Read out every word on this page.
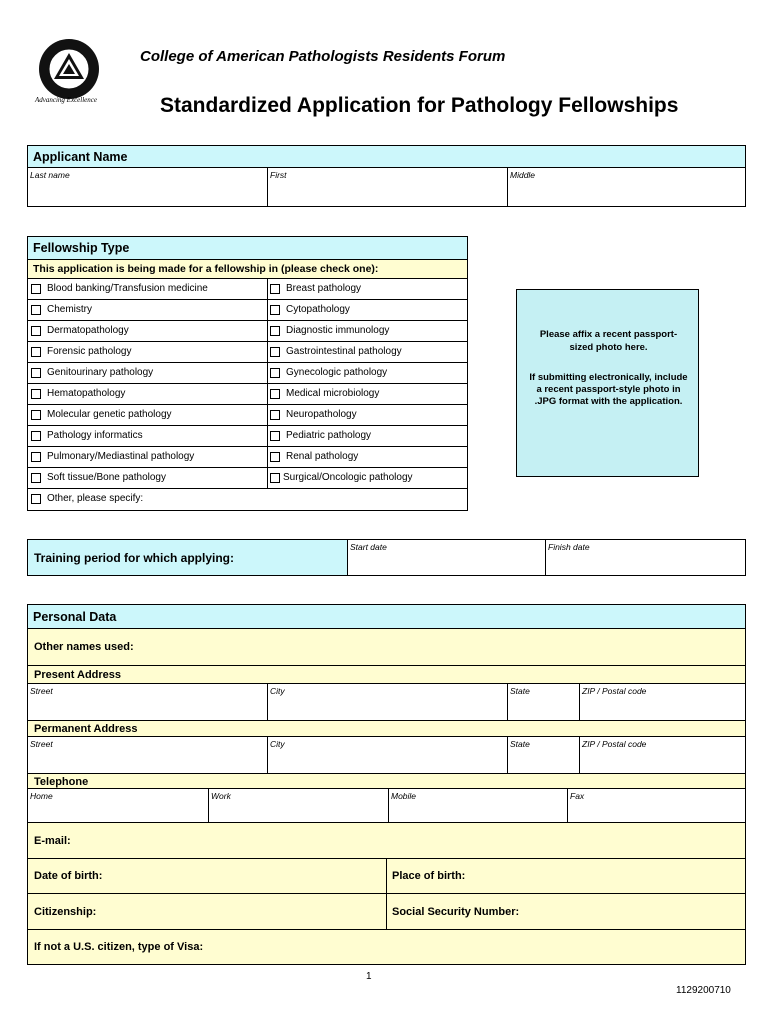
Advancing Excellence
College of American Pathologists Residents Forum
Standardized Application for Pathology Fellowships
Applicant Name
Last name	First	Middle
Fellowship Type
This application is being made for a fellowship in (please check one):
Blood banking/Transfusion medicine	Breast pathology
Chemistry	Cytopathology
Dermatopathology	Diagnostic immunology
Forensic pathology	Gastrointestinal pathology
Genitourinary pathology	Gynecologic pathology
Hematopathology	Medical microbiology
Molecular genetic pathology	Neuropathology
Pathology informatics	Pediatric pathology
Pulmonary/Mediastinal pathology	Renal pathology
Soft tissue/Bone pathology	Surgical/Oncologic pathology
Other, please specify:
Please affix a recent passport-sized photo here.
If submitting electronically, include a recent passport-style photo in .JPG format with the application.
Training period for which applying:
Start date	Finish date
Personal Data
Other names used:
Present Address
Street	City	State	ZIP / Postal code
Permanent Address
Street	City	State	ZIP / Postal code
Telephone
Home	Work	Mobile	Fax
E-mail:
Date of birth:	Place of birth:
Citizenship:	Social Security Number:
If not a U.S. citizen, type of Visa:
1
1129200710
